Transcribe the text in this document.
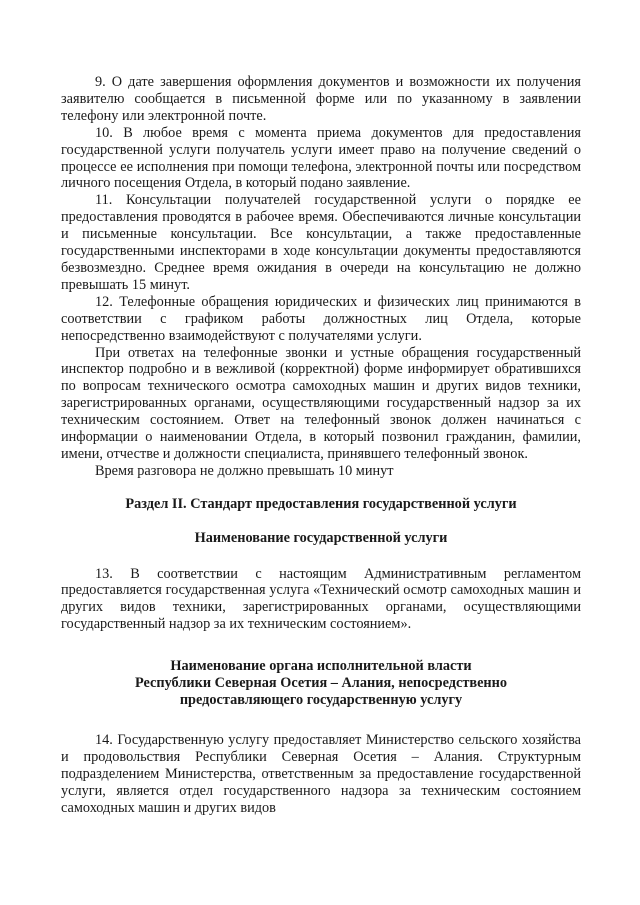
9. О дате завершения оформления документов и возможности их получения заявителю сообщается в письменной форме или по указанному в заявлении телефону или электронной почте.

10. В любое время с момента приема документов для предоставления государственной услуги получатель услуги имеет право на получение сведений о процессе ее исполнения при помощи телефона, электронной почты или посредством личного посещения Отдела, в который подано заявление.

11. Консультации получателей государственной услуги о порядке ее предоставления проводятся в рабочее время. Обеспечиваются личные консультации и письменные консультации. Все консультации, а также предоставленные государственными инспекторами в ходе консультации документы предоставляются безвозмездно. Среднее время ожидания в очереди на консультацию не должно превышать 15 минут.

12. Телефонные обращения юридических и физических лиц принимаются в соответствии с графиком работы должностных лиц Отдела, которые непосредственно взаимодействуют с получателями услуги.

При ответах на телефонные звонки и устные обращения государственный инспектор подробно и в вежливой (корректной) форме информирует обратившихся по вопросам технического осмотра самоходных машин и других видов техники, зарегистрированных органами, осуществляющими государственный надзор за их техническим состоянием. Ответ на телефонный звонок должен начинаться с информации о наименовании Отдела, в который позвонил гражданин, фамилии, имени, отчестве и должности специалиста, принявшего телефонный звонок.

Время разговора не должно превышать 10 минут

Раздел II. Стандарт предоставления государственной услуги

Наименование государственной услуги

13. В соответствии с настоящим Административным регламентом предоставляется государственная услуга «Технический осмотр самоходных машин и других видов техники, зарегистрированных органами, осуществляющими государственный надзор за их техническим состоянием».

Наименование органа исполнительной власти
Республики Северная Осетия – Алания, непосредственно
предоставляющего государственную услугу

14. Государственную услугу предоставляет Министерство сельского хозяйства и продовольствия Республики Северная Осетия – Алания. Структурным подразделением Министерства, ответственным за предоставление государственной услуги, является отдел государственного надзора за техническим состоянием самоходных машин и других видов
